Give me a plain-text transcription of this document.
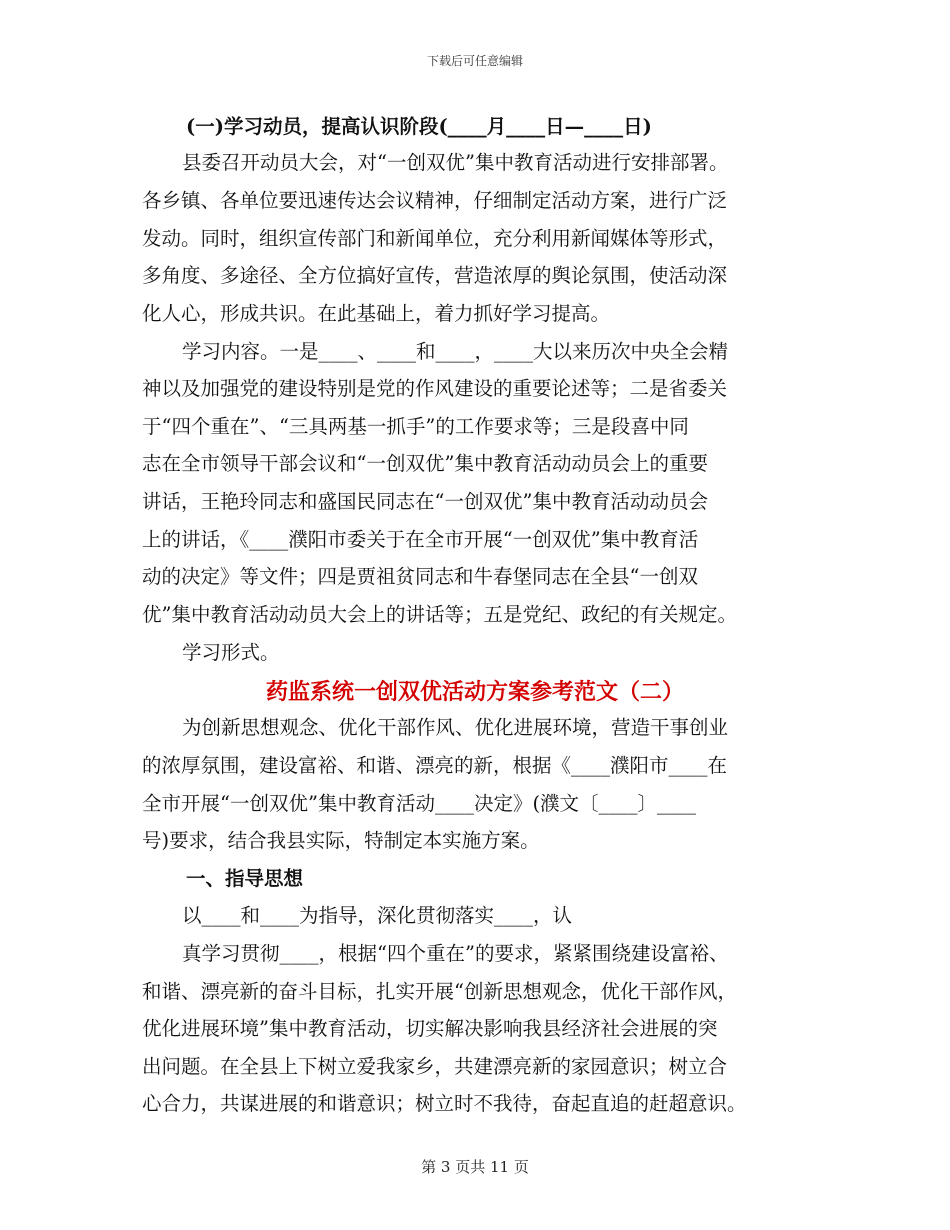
下载后可任意编辑
(一)学习动员，提高认识阶段(____月____日—____日)
县委召开动员大会，对“一创双优”集中教育活动进行安排部署。
各乡镇、各单位要迅速传达会议精神，仔细制定活动方案，进行广泛
发动。同时，组织宣传部门和新闻单位，充分利用新闻媒体等形式，
多角度、多途径、全方位搞好宣传，营造浓厚的舆论氛围，使活动深
化人心，形成共识。在此基础上，着力抓好学习提高。
学习内容。一是____、____和____，____大以来历次中央全会精
神以及加强党的建设特别是党的作风建设的重要论述等；二是省委关
于“四个重在”、“三具两基一抓手”的工作要求等；三是段喜中同
志在全市领导干部会议和“一创双优”集中教育活动动员会上的重要
讲话，王艳玲同志和盛国民同志在“一创双优”集中教育活动动员会
上的讲话，《____濮阳市委关于在全市开展“一创双优”集中教育活
动的决定》等文件；四是贾祖贫同志和牛春堡同志在全县“一创双
优”集中教育活动动员大会上的讲话等；五是党纪、政纪的有关规定。
学习形式。
药监系统一创双优活动方案参考范文（二）
为创新思想观念、优化干部作风、优化进展环境，营造干事创业
的浓厚氛围，建设富裕、和谐、漂亮的新，根据《____濮阳市____在
全市开展“一创双优”集中教育活动____决定》(濮文〔____〕____
号)要求，结合我县实际，特制定本实施方案。
一、指导思想
以____和____为指导，深化贯彻落实____，认
真学习贯彻____，根据“四个重在”的要求，紧紧围绕建设富裕、
和谐、漂亮新的奋斗目标，扎实开展“创新思想观念，优化干部作风，
优化进展环境”集中教育活动，切实解决影响我县经济社会进展的突
出问题。在全县上下树立爱我家乡，共建漂亮新的家园意识；树立合
心合力，共谋进展的和谐意识；树立时不我待，奋起直追的赶超意识。
第 3 页共 11 页
